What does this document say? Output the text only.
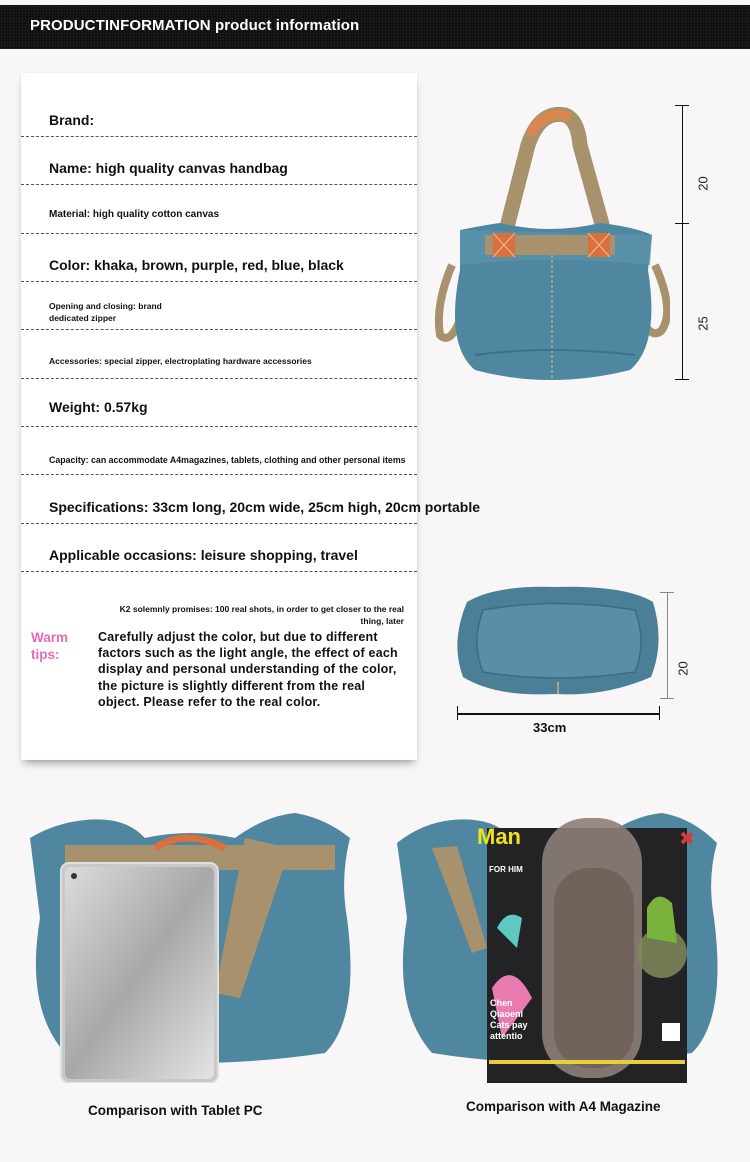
PRODUCTINFORMATION product information
Brand:
Name: high quality canvas handbag
Material: high quality cotton canvas
Color: khaka, brown, purple, red, blue, black
Opening and closing: brand dedicated zipper
Accessories: special zipper, electroplating hardware accessories
Weight: 0.57kg
Capacity: can accommodate A4magazines, tablets, clothing and other personal items
Specifications: 33cm long, 20cm wide, 25cm high, 20cm portable
Applicable occasions: leisure shopping, travel
K2 solemnly promises: 100 real shots, in order to get closer to the real thing, later
Warm tips:
Carefully adjust the color, but due to different factors such as the light angle, the effect of each display and personal understanding of the color, the picture is slightly different from the real object. Please refer to the real color.
20
25
20
33cm
Comparison with Tablet PC
Man
FOR HIM
Chen
Qiaoenl
Cats pay
attentio
Comparison with A4 Magazine
